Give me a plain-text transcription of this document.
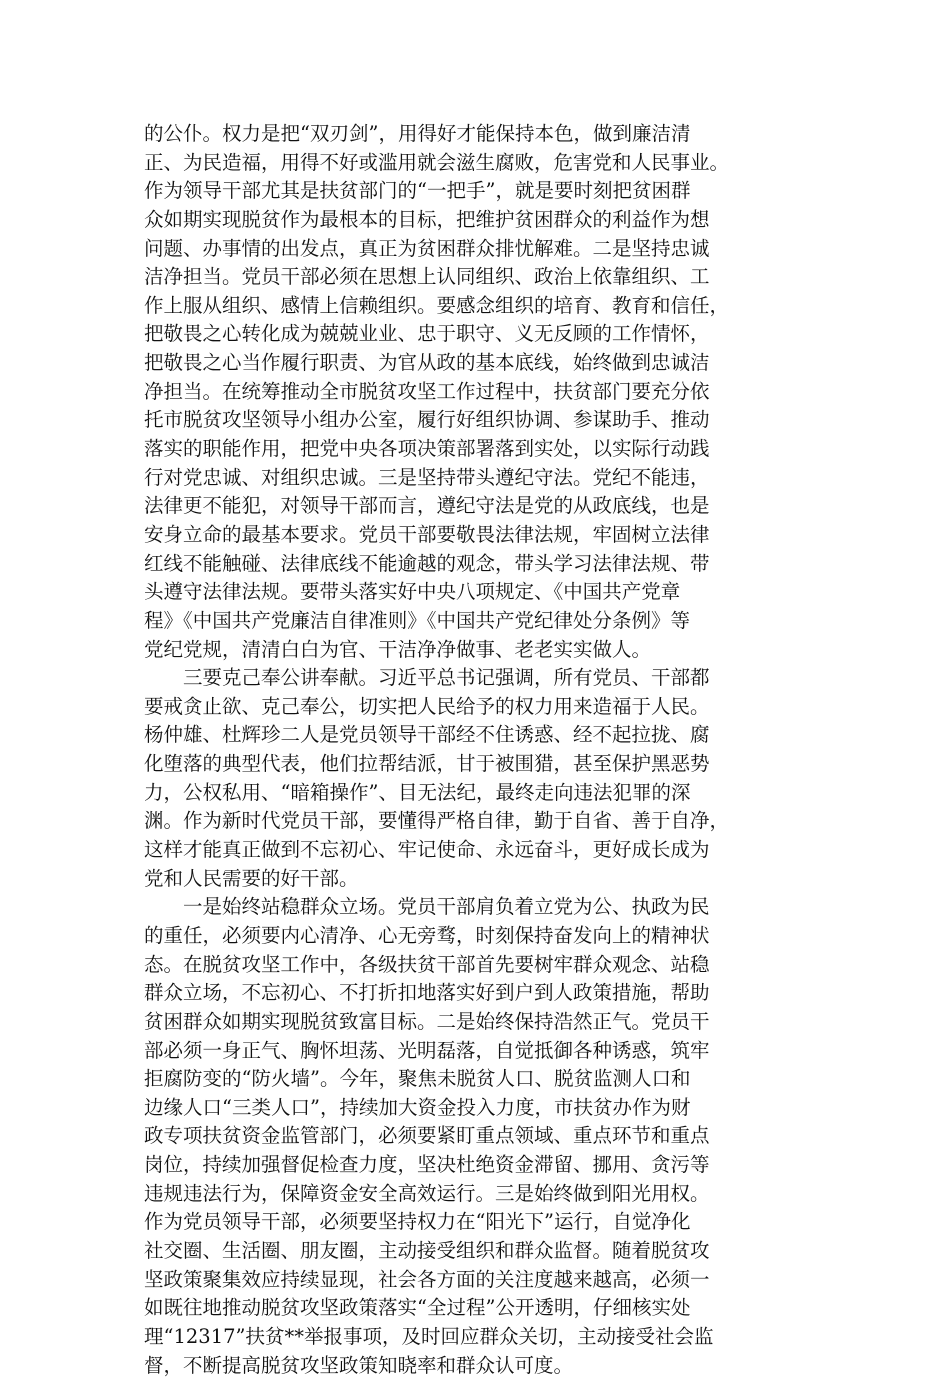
的公仆。权力是把“双刃剑”，用得好才能保持本色，做到廉洁清
正、为民造福，用得不好或滥用就会滋生腐败，危害党和人民事业。
作为领导干部尤其是扶贫部门的“一把手”，就是要时刻把贫困群
众如期实现脱贫作为最根本的目标，把维护贫困群众的利益作为想
问题、办事情的出发点，真正为贫困群众排忧解难。二是坚持忠诚
洁净担当。党员干部必须在思想上认同组织、政治上依靠组织、工
作上服从组织、感情上信赖组织。要感念组织的培育、教育和信任，
把敬畏之心转化成为兢兢业业、忠于职守、义无反顾的工作情怀，
把敬畏之心当作履行职责、为官从政的基本底线，始终做到忠诚洁
净担当。在统筹推动全市脱贫攻坚工作过程中，扶贫部门要充分依
托市脱贫攻坚领导小组办公室，履行好组织协调、参谋助手、推动
落实的职能作用，把党中央各项决策部署落到实处，以实际行动践
行对党忠诚、对组织忠诚。三是坚持带头遵纪守法。党纪不能违，
法律更不能犯，对领导干部而言，遵纪守法是党的从政底线，也是
安身立命的最基本要求。党员干部要敬畏法律法规，牢固树立法律
红线不能触碰、法律底线不能逾越的观念，带头学习法律法规、带
头遵守法律法规。要带头落实好中央八项规定、《中国共产党章
程》《中国共产党廉洁自律准则》《中国共产党纪律处分条例》等
党纪党规，清清白白为官、干洁净净做事、老老实实做人。
　　三要克己奉公讲奉献。习近平总书记强调，所有党员、干部都
要戒贪止欲、克己奉公，切实把人民给予的权力用来造福于人民。
杨仲雄、杜辉珍二人是党员领导干部经不住诱惑、经不起拉拢、腐
化堕落的典型代表，他们拉帮结派，甘于被围猎，甚至保护黑恶势
力，公权私用、“暗箱操作”、目无法纪，最终走向违法犯罪的深
渊。作为新时代党员干部，要懂得严格自律，勤于自省、善于自净，
这样才能真正做到不忘初心、牢记使命、永远奋斗，更好成长成为
党和人民需要的好干部。
　　一是始终站稳群众立场。党员干部肩负着立党为公、执政为民
的重任，必须要内心清净、心无旁骛，时刻保持奋发向上的精神状
态。在脱贫攻坚工作中，各级扶贫干部首先要树牢群众观念、站稳
群众立场，不忘初心、不打折扣地落实好到户到人政策措施，帮助
贫困群众如期实现脱贫致富目标。二是始终保持浩然正气。党员干
部必须一身正气、胸怀坦荡、光明磊落，自觉抵御各种诱惑，筑牢
拒腐防变的“防火墙”。今年，聚焦未脱贫人口、脱贫监测人口和
边缘人口“三类人口”，持续加大资金投入力度，市扶贫办作为财
政专项扶贫资金监管部门，必须要紧盯重点领域、重点环节和重点
岗位，持续加强督促检查力度，坚决杜绝资金滞留、挪用、贪污等
违规违法行为，保障资金安全高效运行。三是始终做到阳光用权。
作为党员领导干部，必须要坚持权力在“阳光下”运行，自觉净化
社交圈、生活圈、朋友圈，主动接受组织和群众监督。随着脱贫攻
坚政策聚集效应持续显现，社会各方面的关注度越来越高，必须一
如既往地推动脱贫攻坚政策落实“全过程”公开透明，仔细核实处
理“12317”扶贫**举报事项，及时回应群众关切，主动接受社会监
督，不断提高脱贫攻坚政策知晓率和群众认可度。
